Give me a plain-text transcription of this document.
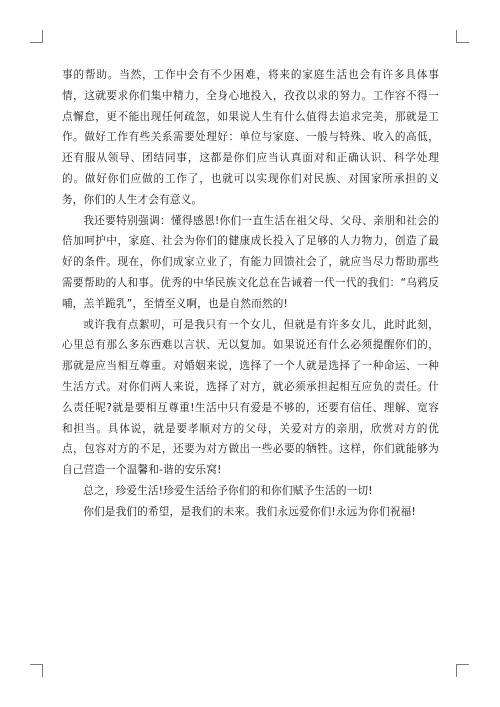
事的帮助。当然，工作中会有不少困难，将来的家庭生活也会有许多具体事情，这就要求你们集中精力，全身心地投入，孜孜以求的努力。工作容不得一点懈怠，更不能出现任何疏忽，如果说人生有什么值得去追求完美，那就是工作。做好工作有些关系需要处理好：单位与家庭、一般与特殊、收入的高低，还有服从领导、团结同事，这都是你们应当认真面对和正确认识、科学处理的。做好你们应做的工作了，也就可以实现你们对民族、对国家所承担的义务，你们的人生才会有意义。

我还要特别强调：懂得感恩!你们一直生活在祖父母、父母、亲朋和社会的倍加呵护中，家庭、社会为你们的健康成长投入了足够的人力物力，创造了最好的条件。现在，你们成家立业了，有能力回馈社会了，就应当尽力帮助那些需要帮助的人和事。优秀的中华民族文化总在告诫着一代一代的我们：“乌鸦反哺，羔羊跪乳”，至情至义啊，也是自然而然的!

或许我有点絮叨，可是我只有一个女儿，但就是有许多女儿，此时此刻，心里总有那么多东西难以言状、无以复加。如果说还有什么必须提醒你们的，那就是应当相互尊重。对婚姻来说，选择了一个人就是选择了一种命运、一种生活方式。对你们两人来说，选择了对方，就必须承担起相互应负的责任。什么责任呢?就是要相互尊重!生活中只有爱是不够的，还要有信任、理解、宽容和担当。具体说，就是要孝顺对方的父母，关爱对方的亲朋，欣赏对方的优点，包容对方的不足，还要为对方做出一些必要的牺牲。这样，你们就能够为自己营造一个温馨和-谐的安乐窝!

总之，珍爱生活!珍爱生活给予你们的和你们赋予生活的一切!

你们是我们的希望，是我们的未来。我们永远爱你们!永远为你们祝福!
